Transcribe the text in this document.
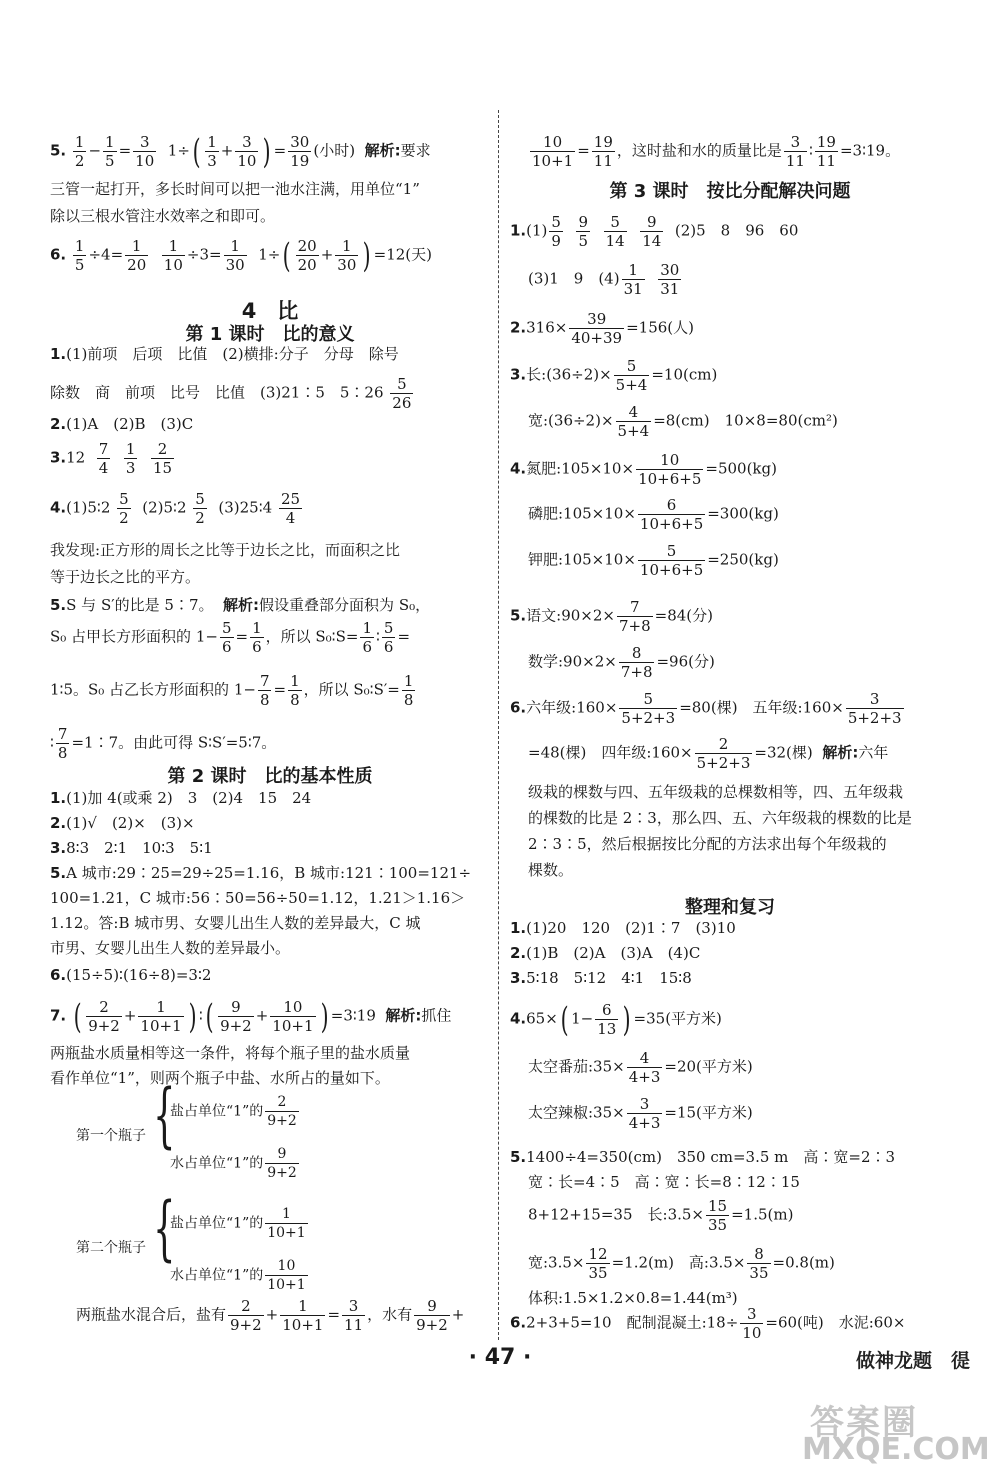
5. $\frac{1}{2} - \frac{1}{5} = \frac{3}{10} 1\div( \frac{1}{3} + \frac{3}{10}$ ) = $\frac{30}{19}$ (小时) 解析:要求
三管一起打开，多长时间可以把一池水注满，用单位“1”
除以三根水管注水效率之和即可。
6. $\frac{1}{5} \div 4= \frac{1}{20}$
$\frac{1}{10} \div 3= \frac{1}{30} 1\div( \frac{20}{20} + \frac{1}{30}$ ) =12(天)
4　比
第 1 课时　比的意义
1.(1)前项　后项　比值　(2)横排:分子　分母　除号
除数　商　前项　比号　比值　(3)21∶5　5∶26 $\frac{5}{26}$
2.(1)A　(2)B　(3)C
$3.12 \frac{7}{4}$
$\frac{1}{3}$
$\frac{2}{15}$
4.(1)5∶2 $\frac{5}{2}$ (2)5∶2 $\frac{5}{2}$ (3)25∶4 $\frac{25}{4}$
我发现:正方形的周长之比等于边长之比，而面积之比
等于边长之比的平方。
5.S 与 S′的比是 5∶7。 解析:假设重叠部分面积为 S₀，
S₀ 占甲长方形面积的 $1- \frac{5}{6} = \frac{1}{6}$ ，所以 S₀∶S= $\frac{1}{6}$ ∶ $\frac{5}{6}$ =
1∶5。S₀ 占乙长方形面积的 $1- \frac{7}{8} = \frac{1}{8}$ ，所以 S₀∶S′= $\frac{1}{8}$
∶ $\frac{7}{8}$ =1∶7。由此可得 S∶S′=5∶7。
第 2 课时　比的基本性质
1.(1)加 4(或乘 2)　3　(2)4　15　24
2.(1)√　(2)×　(3)×
3.8∶3　2∶1　10∶3　5∶1
5.A 城市:29∶25=29÷25=1.16，B 城市:121∶100=121÷
100=1.21，C 城市:56∶50=56÷50=1.12，1.21＞1.16＞
1.12。答:B 城市男、女婴儿出生人数的差异最大，C 城
市男、女婴儿出生人数的差异最小。
6.(15÷5)∶(16÷8)=3∶2
7. ( $\frac{2}{9+2} + \frac{1}{10+1}$ ) ∶( $\frac{9}{9+2} + \frac{10}{10+1}$ ) =3∶19 解析:抓住
两瓶盐水质量相等这一条件，将每个瓶子里的盐水质量
看作单位“1”，则两个瓶子中盐、水所占的量如下。
第一个瓶子 {
盐占单位“1”的 $\frac{2}{9+2}$
水占单位“1”的 $\frac{9}{9+2}$
第二个瓶子 {
盐占单位“1”的 $\frac{1}{10+1}$
水占单位“1”的 $\frac{10}{10+1}$
两瓶盐水混合后，盐有 $\frac{2}{9+2} + \frac{1}{10+1} = \frac{3}{11}$ ，水有 $\frac{9}{9+2}$ +
$\frac{10}{10+1} = \frac{19}{11}$ ，这时盐和水的质量比是 $\frac{3}{11}$ ∶ $\frac{19}{11}$ =3∶19。
第 3 课时　按比分配解决问题
$1.(1) \frac{5}{9}$
$\frac{9}{5}$
$\frac{5}{14}$
$\frac{9}{14} (2)5$　8　96　60
(3)1　9　$(4) \frac{1}{31}$
$\frac{30}{31}$
$2.316\times \frac{39}{40+39} =156$(人)
3.长:(36÷2)× $\frac{5}{5+4} =10(cm)$
宽:(36÷2)× $\frac{4}{5+4} =8(cm)$　10×8=80(cm²)
4.氮肥:105×10× $\frac{10}{10+6+5} =500(kg)$
磷肥:105×10× $\frac{6}{10+6+5} =300(kg)$
钾肥:105×10× $\frac{5}{10+6+5} =250(kg)$
5.语文:90×2× $\frac{7}{7+8} =84$(分)
数学:90×2× $\frac{8}{7+8} =96$(分)
6.六年级:160× $\frac{5}{5+2+3} =80$(棵)　五年级:160× $\frac{3}{5+2+3}$
=48(棵)　四年级:160× $\frac{2}{5+2+3} =32$(棵) 解析:六年
级栽的棵数与四、五年级栽的总棵数相等，四、五年级栽
的棵数的比是 2∶3，那么四、五、六年级栽的棵数的比是
2∶3∶5，然后根据按比分配的方法求出每个年级栽的
棵数。
整理和复习
1.(1)20　120　(2)1∶7　(3)10
2.(1)B　(2)A　(3)A　(4)C
3.5∶18　5∶12　4∶1　15∶8
4.65×( $1- \frac{6}{13}$ ) =35(平方米)
太空番茄:35× $\frac{4}{4+3} =20$(平方米)
太空辣椒:35× $\frac{3}{4+3} =15$(平方米)
5.1400÷4=350(cm)　350 cm=3.5 m　高∶宽=2∶3
宽∶长=4∶5　高∶宽∶长=8∶12∶15
8+12+15=35　长:3.5× $\frac{15}{35} =1.5(m)$
宽:3.5× $\frac{12}{35} =1.2(m)$　高:3.5× $\frac{8}{35} =0.8(m)$
体积:1.5×1.2×0.8=1.44(m³)
6.2+3+5=10　配制混凝土:18÷ $\frac{3}{10} =60$(吨)　水泥:60×
· 47 ·	做神龙题　徥
答案圈
MXQE.COM
